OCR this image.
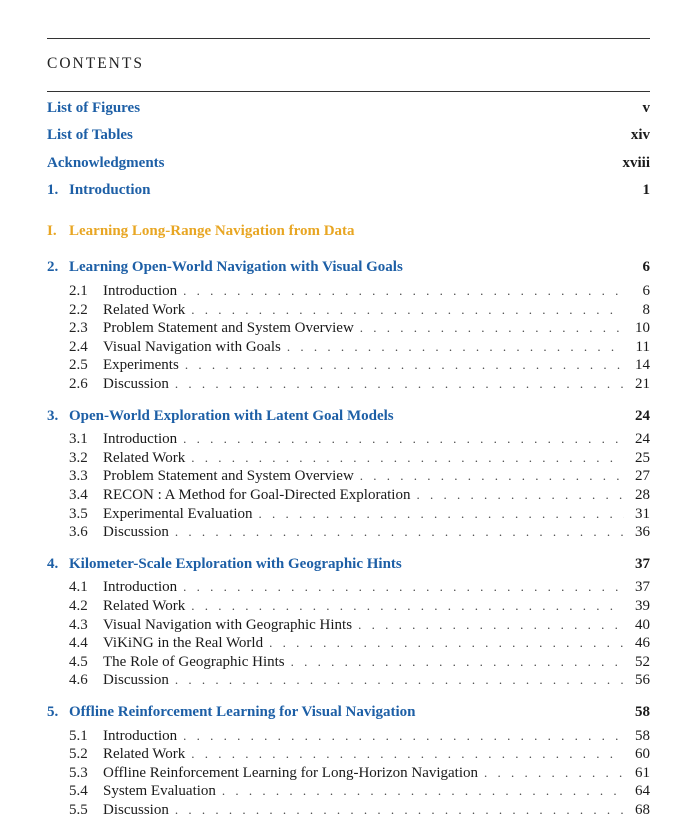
CONTENTS
List of Figures	v
List of Tables	xiv
Acknowledgments	xviii
1. Introduction	1
I. Learning Long-Range Navigation from Data
2. Learning Open-World Navigation with Visual Goals	6
2.1	Introduction . . .	6
2.2	Related Work . . .	8
2.3	Problem Statement and System Overview . . .	10
2.4	Visual Navigation with Goals . . .	11
2.5	Experiments . . .	14
2.6	Discussion . . .	21
3. Open-World Exploration with Latent Goal Models	24
3.1	Introduction . . .	24
3.2	Related Work . . .	25
3.3	Problem Statement and System Overview . . .	27
3.4	RECON : A Method for Goal-Directed Exploration . . .	28
3.5	Experimental Evaluation . . .	31
3.6	Discussion . . .	36
4. Kilometer-Scale Exploration with Geographic Hints	37
4.1	Introduction . . .	37
4.2	Related Work . . .	39
4.3	Visual Navigation with Geographic Hints . . .	40
4.4	ViKiNG in the Real World . . .	46
4.5	The Role of Geographic Hints . . .	52
4.6	Discussion . . .	56
5. Offline Reinforcement Learning for Visual Navigation	58
5.1	Introduction . . .	58
5.2	Related Work . . .	60
5.3	Offline Reinforcement Learning for Long-Horizon Navigation . . .	61
5.4	System Evaluation . . .	64
5.5	Discussion . . .	68
